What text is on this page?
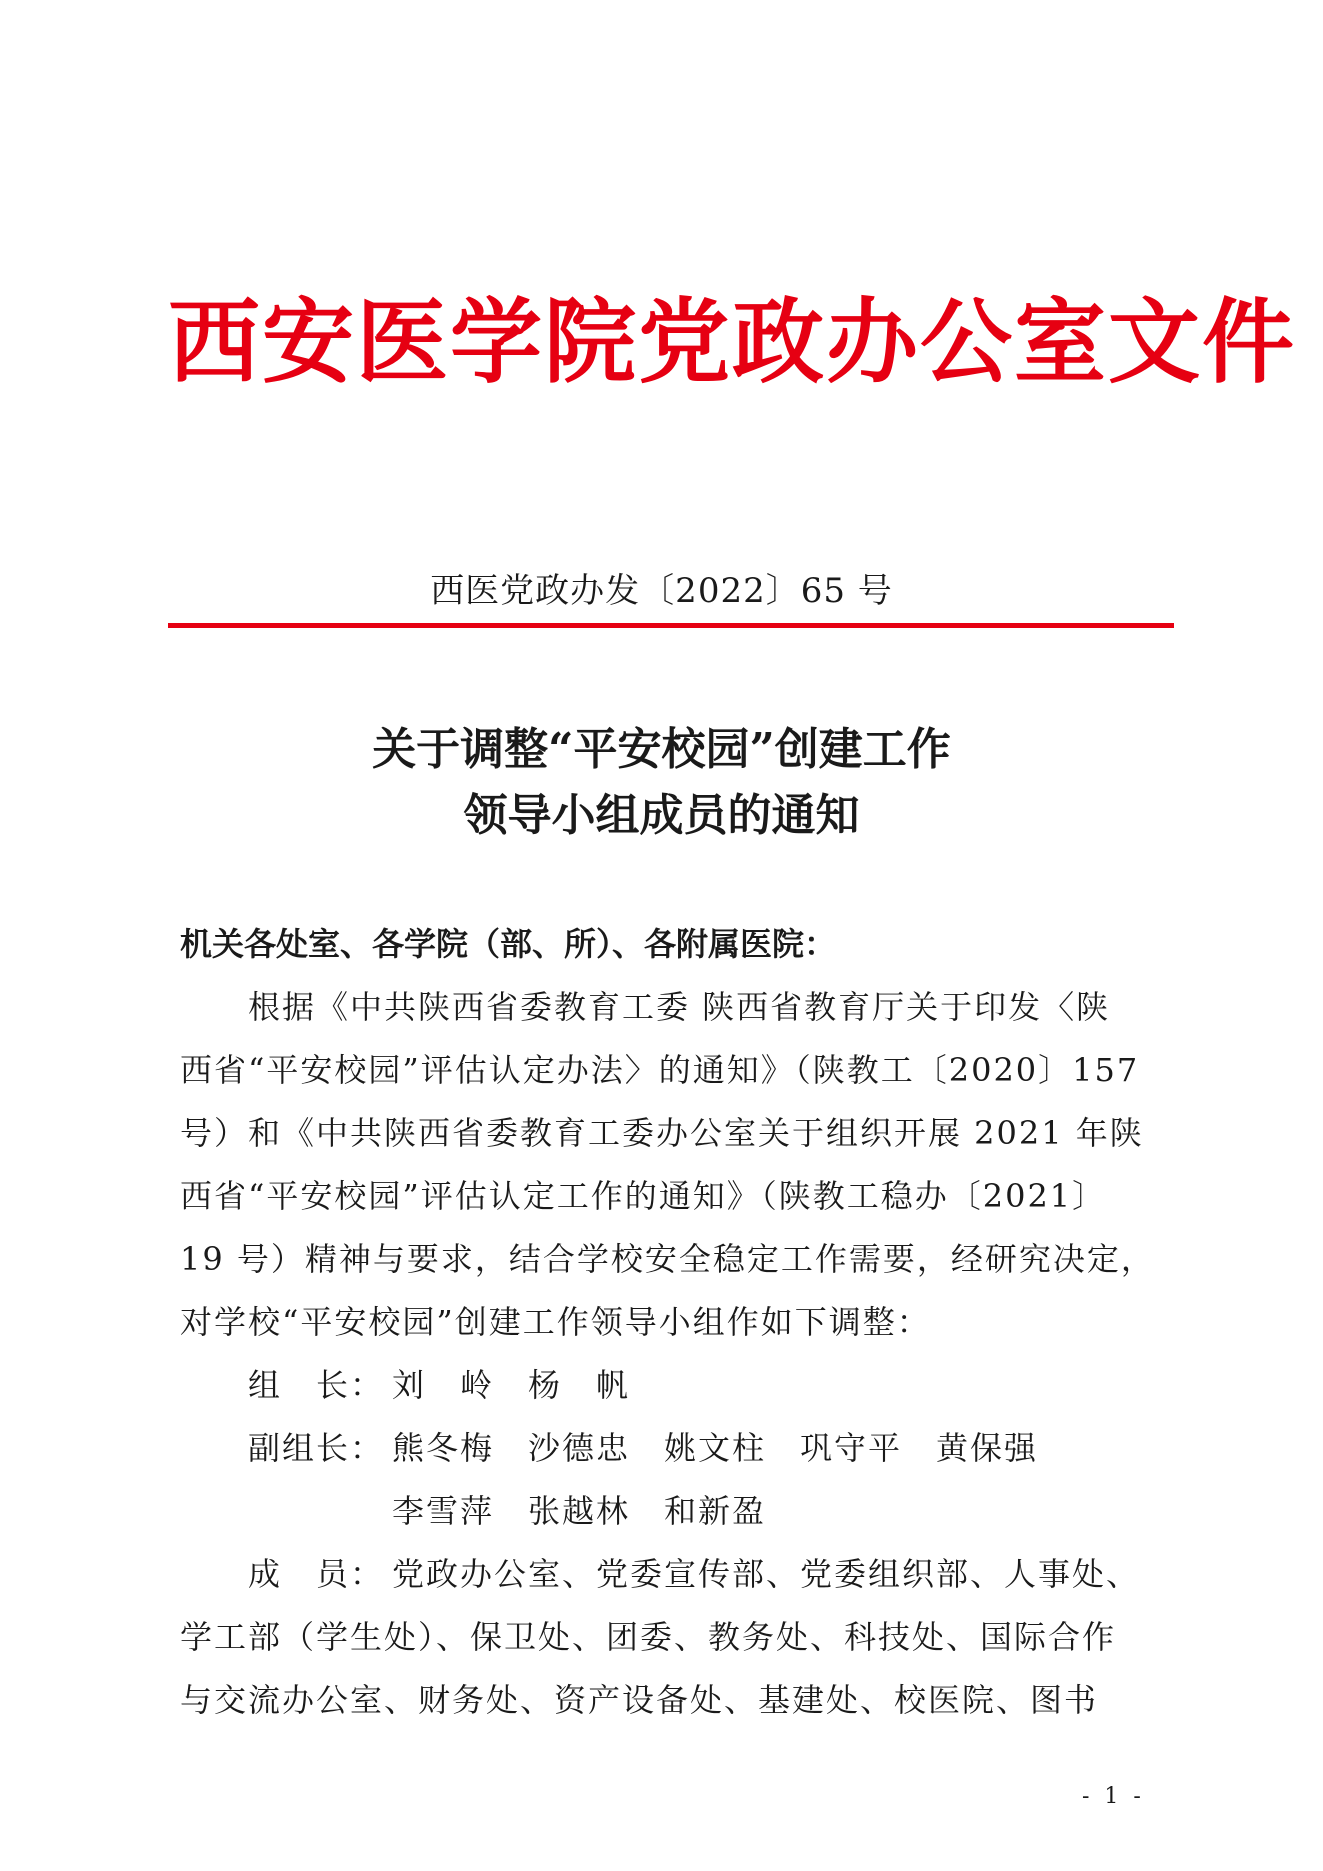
西安医学院党政办公室文件
西医党政办发〔2022〕65 号
关于调整“平安校园”创建工作
领导小组成员的通知

机关各处室、各学院（部、所）、各附属医院：

根据《中共陕西省委教育工委 陕西省教育厅关于印发〈陕

西省“平安校园”评估认定办法〉的通知》（陕教工〔2020〕157

号）和《中共陕西省委教育工委办公室关于组织开展 2021 年陕

西省“平安校园”评估认定工作的通知》（陕教工稳办〔2021〕

19 号）精神与要求，结合学校安全稳定工作需要，经研究决定，

对学校“平安校园”创建工作领导小组作如下调整：

组　长： 刘　岭　杨　帆
副组长： 熊冬梅　沙德忠　姚文柱　巩守平　黄保强
李雪萍　张越林　和新盈
成　员： 党政办公室、党委宣传部、党委组织部、人事处、

学工部（学生处）、保卫处、团委、教务处、科技处、国际合作

与交流办公室、财务处、资产设备处、基建处、校医院、图书

- 1 -
